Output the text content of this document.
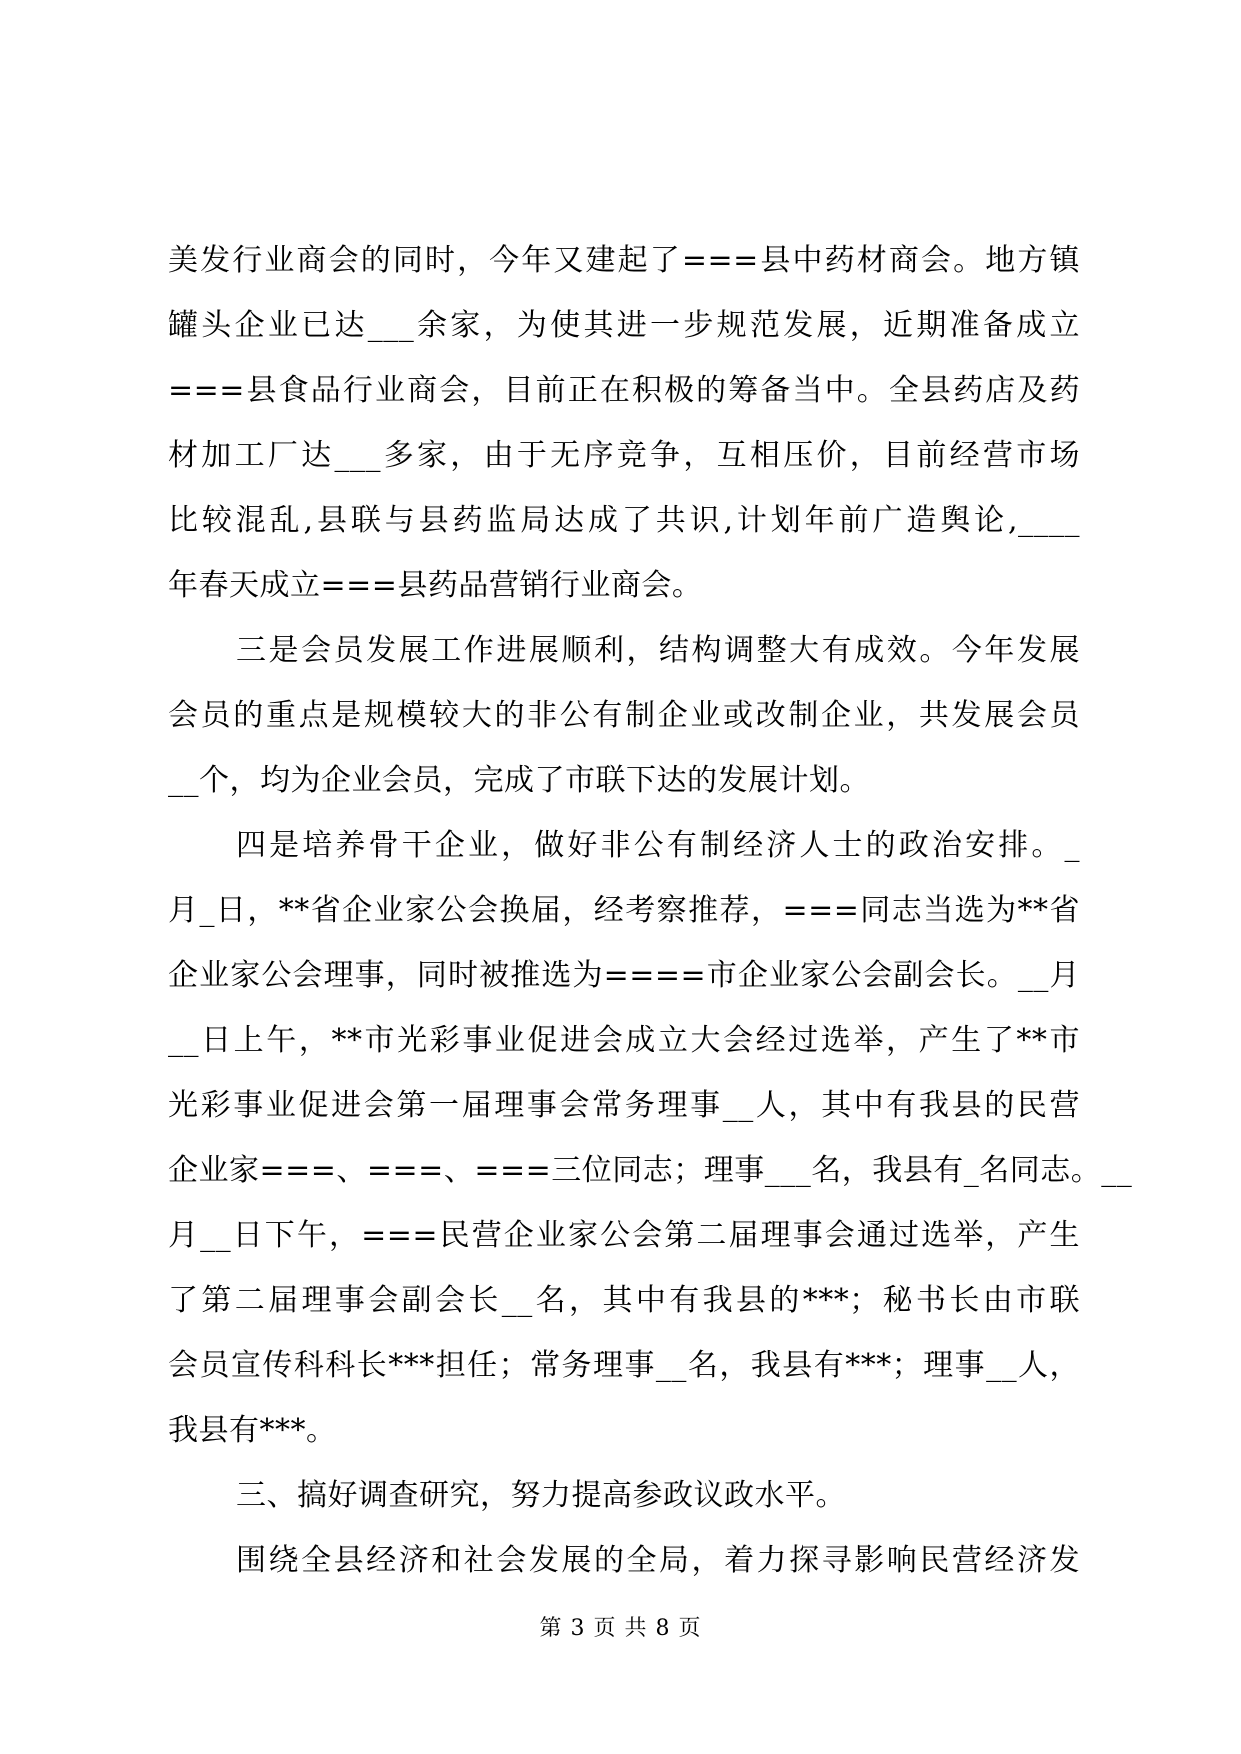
美发行业商会的同时，今年又建起了===县中药材商会。地方镇
罐头企业已达___余家，为使其进一步规范发展，近期准备成立
===县食品行业商会，目前正在积极的筹备当中。全县药店及药
材加工厂达___多家，由于无序竞争，互相压价，目前经营市场
比较混乱,县联与县药监局达成了共识,计划年前广造舆论,____
年春天成立===县药品营销行业商会。
三是会员发展工作进展顺利，结构调整大有成效。今年发展
会员的重点是规模较大的非公有制企业或改制企业，共发展会员
__个，均为企业会员，完成了市联下达的发展计划。
四是培养骨干企业，做好非公有制经济人士的政治安排。_
月_日，**省企业家公会换届，经考察推荐，===同志当选为**省
企业家公会理事，同时被推选为====市企业家公会副会长。__月
__日上午，**市光彩事业促进会成立大会经过选举，产生了**市
光彩事业促进会第一届理事会常务理事__人，其中有我县的民营
企业家===、===、===三位同志；理事___名，我县有_名同志。__
月__日下午，===民营企业家公会第二届理事会通过选举，产生
了第二届理事会副会长__名，其中有我县的***；秘书长由市联
会员宣传科科长***担任；常务理事__名，我县有***；理事__人，
我县有***。
三、搞好调查研究，努力提高参政议政水平。
围绕全县经济和社会发展的全局，着力探寻影响民营经济发
第 3 页 共 8 页
